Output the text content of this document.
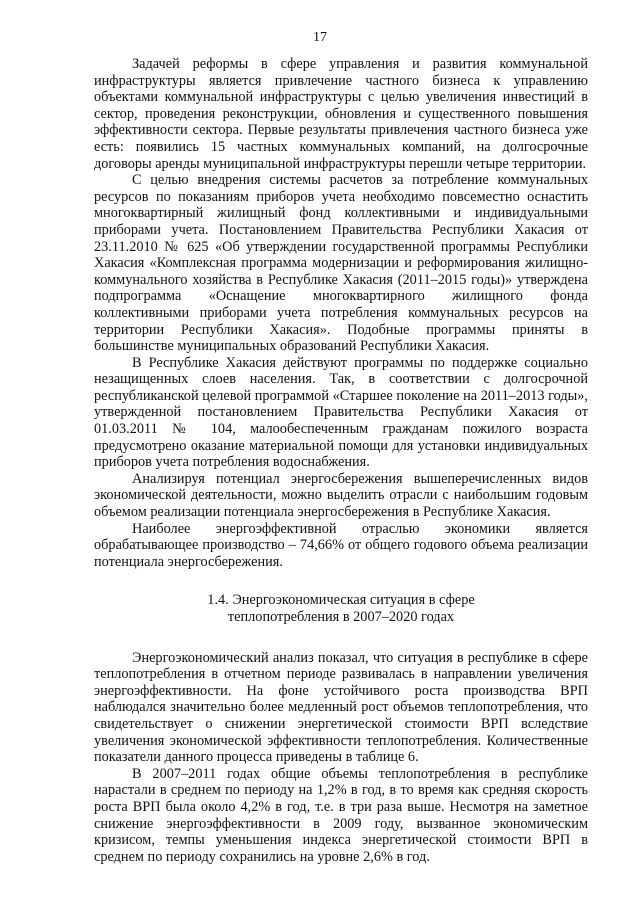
17

Задачей реформы в сфере управления и развития коммунальной инфраструктуры является привлечение частного бизнеса к управлению объектами коммунальной инфраструктуры с целью увеличения инвестиций в сектор, проведения реконструкции, обновления и существенного повышения эффективности сектора. Первые результаты привлечения частного бизнеса уже есть: появились 15 частных коммунальных компаний, на долгосрочные договоры аренды муниципальной инфраструктуры перешли четыре территории.

С целью внедрения системы расчетов за потребление коммунальных ресурсов по показаниям приборов учета необходимо повсеместно оснастить многоквартирный жилищный фонд коллективными и индивидуальными приборами учета. Постановлением Правительства Республики Хакасия от 23.11.2010 № 625 «Об утверждении государственной программы Республики Хакасия «Комплексная программа модернизации и реформирования жилищно-коммунального хозяйства в Республике Хакасия (2011–2015 годы)» утверждена подпрограмма «Оснащение многоквартирного жилищного фонда коллективными приборами учета потребления коммунальных ресурсов на территории Республики Хакасия». Подобные программы приняты в большинстве муниципальных образований Республики Хакасия.

В Республике Хакасия действуют программы по поддержке социально незащищенных слоев населения. Так, в соответствии с долгосрочной республиканской целевой программой «Старшее поколение на 2011–2013 годы», утвержденной постановлением Правительства Республики Хакасия от 01.03.2011 № 104, малообеспеченным гражданам пожилого возраста предусмотрено оказание материальной помощи для установки индивидуальных приборов учета потребления водоснабжения.

Анализируя потенциал энергосбережения вышеперечисленных видов экономической деятельности, можно выделить отрасли с наибольшим годовым объемом реализации потенциала энергосбережения в Республике Хакасия.

Наиболее энергоэффективной отраслью экономики является обрабатывающее производство – 74,66% от общего годового объема реализации потенциала энергосбережения.

1.4. Энергоэкономическая ситуация в сфере
теплопотребления в 2007–2020 годах

Энергоэкономический анализ показал, что ситуация в республике в сфере теплопотребления в отчетном периоде развивалась в направлении увеличения энергоэффективности. На фоне устойчивого роста производства ВРП наблюдался значительно более медленный рост объемов теплопотребления, что свидетельствует о снижении энергетической стоимости ВРП вследствие увеличения экономической эффективности теплопотребления. Количественные показатели данного процесса приведены в таблице 6.

В 2007–2011 годах общие объемы теплопотребления в республике нарастали в среднем по периоду на 1,2% в год, в то время как средняя скорость роста ВРП была около 4,2% в год, т.е. в три раза выше. Несмотря на заметное снижение энергоэффективности в 2009 году, вызванное экономическим кризисом, темпы уменьшения индекса энергетической стоимости ВРП в среднем по периоду сохранились на уровне 2,6% в год.
